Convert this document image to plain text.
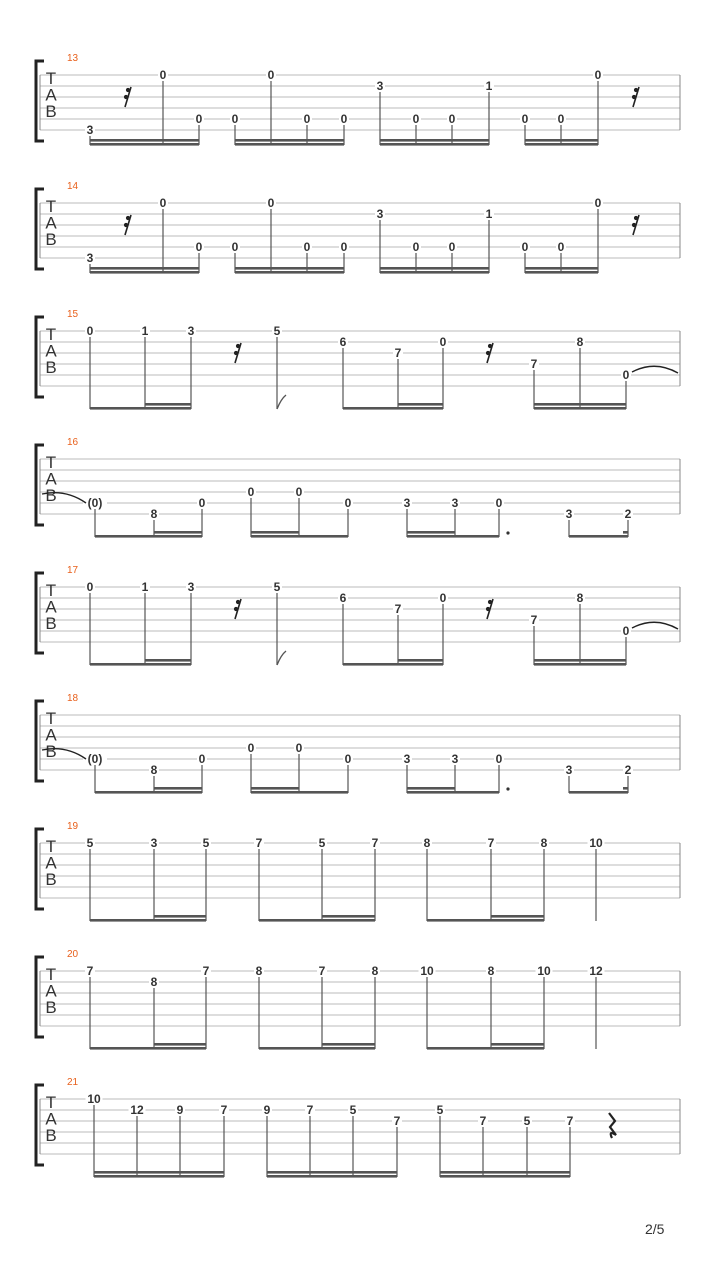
13
T
A
B
3
0
0 0
0
0	0
3
0 0
1
0 0
0
14
T
A
B
3
0
0 0
0
0	0
3
0 0
1
0 0
0
15
T
A
B
0	1	3	5
6
7
0
7
8
0
16
T
A
B	(0)
8
0
0	0
0	3	3	0
3	2
17
T
A
B
0	1	3	5
6
7
0
7
8
0
18
T
A
B	(0)
8
0
0	0
0	3	3	0
3	2
19
T
A
B
5	3	5	7	5	7	8	7	8	10
20
T
A
B
7
8
7	8	7	8	10	8	10	12
21
T
A
B
10
12	9	7	9	7	5
7
5
7	5	7
2/5
